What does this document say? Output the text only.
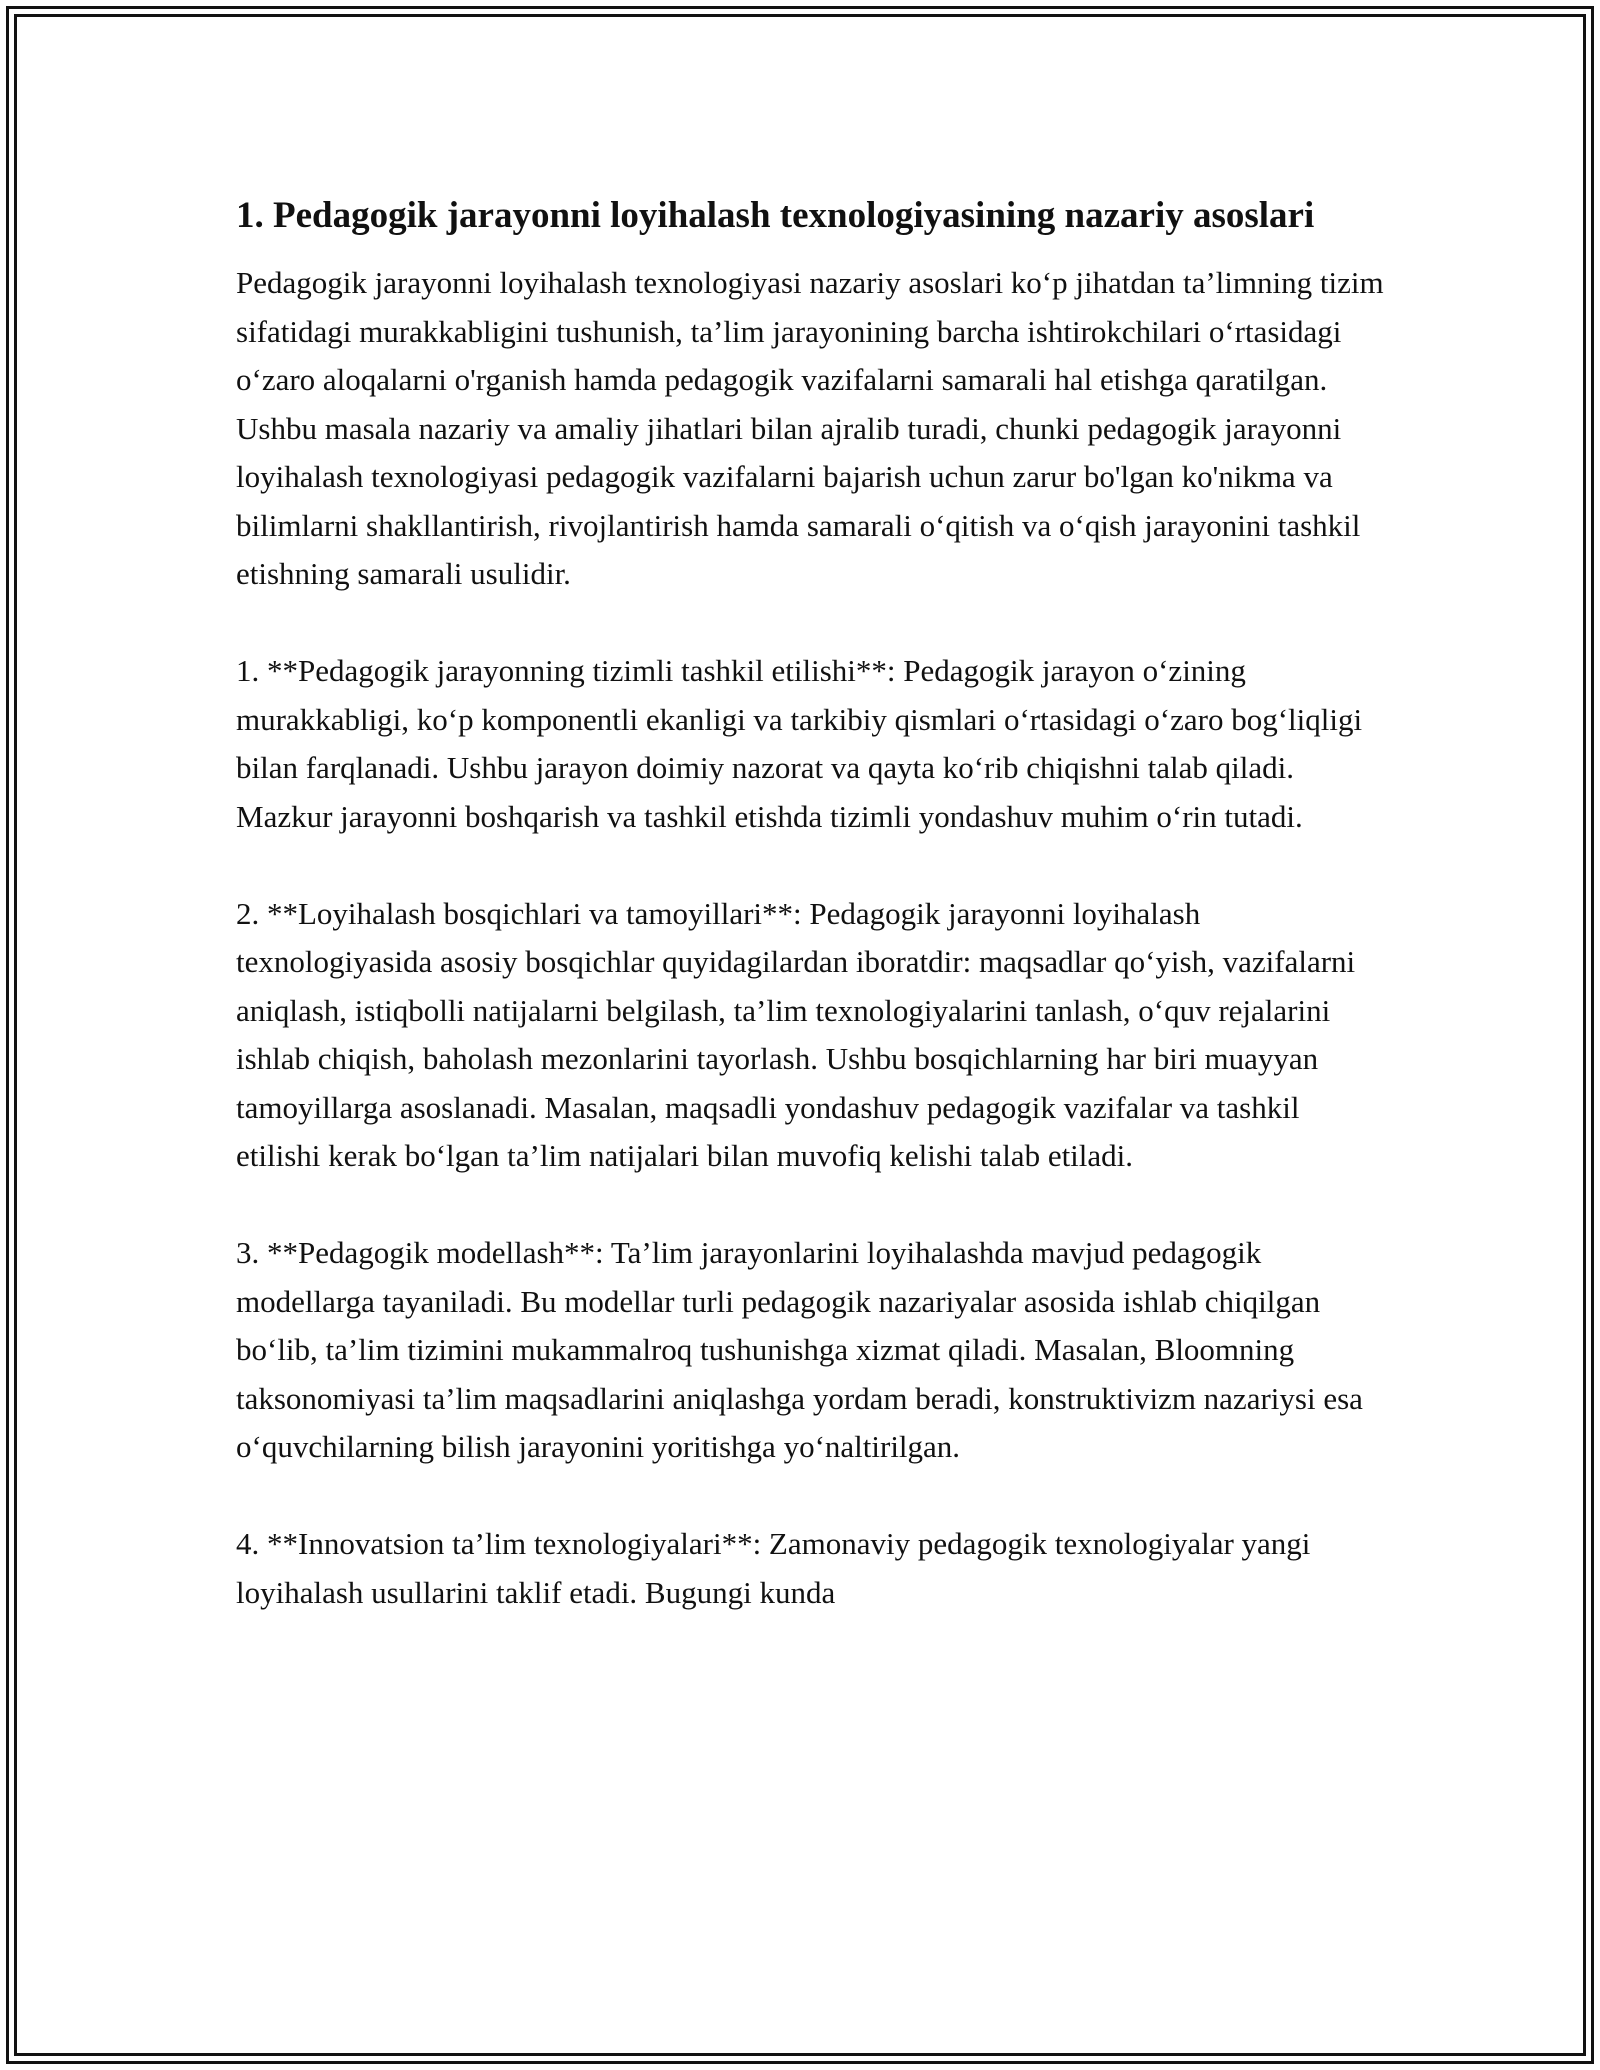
1. Pedagogik jarayonni loyihalash texnologiyasining nazariy asoslari

Pedagogik jarayonni loyihalash texnologiyasi nazariy asoslari ko‘p jihatdan ta’limning tizim sifatidagi murakkabligini tushunish, ta’lim jarayonining barcha ishtirokchilari o‘rtasidagi o‘zaro aloqalarni o'rganish hamda pedagogik vazifalarni samarali hal etishga qaratilgan. Ushbu masala nazariy va amaliy jihatlari bilan ajralib turadi, chunki pedagogik jarayonni loyihalash texnologiyasi pedagogik vazifalarni bajarish uchun zarur bo'lgan ko'nikma va bilimlarni shakllantirish, rivojlantirish hamda samarali o‘qitish va o‘qish jarayonini tashkil etishning samarali usulidir.

1. **Pedagogik jarayonning tizimli tashkil etilishi**: Pedagogik jarayon o‘zining murakkabligi, ko‘p komponentli ekanligi va tarkibiy qismlari o‘rtasidagi o‘zaro bog‘liqligi bilan farqlanadi. Ushbu jarayon doimiy nazorat va qayta ko‘rib chiqishni talab qiladi. Mazkur jarayonni boshqarish va tashkil etishda tizimli yondashuv muhim o‘rin tutadi.

2. **Loyihalash bosqichlari va tamoyillari**: Pedagogik jarayonni loyihalash texnologiyasida asosiy bosqichlar quyidagilardan iboratdir: maqsadlar qo‘yish, vazifalarni aniqlash, istiqbolli natijalarni belgilash, ta’lim texnologiyalarini tanlash, o‘quv rejalarini ishlab chiqish, baholash mezonlarini tayorlash. Ushbu bosqichlarning har biri muayyan tamoyillarga asoslanadi. Masalan, maqsadli yondashuv pedagogik vazifalar va tashkil etilishi kerak bo‘lgan ta’lim natijalari bilan muvofiq kelishi talab etiladi.

3. **Pedagogik modellash**: Ta’lim jarayonlarini loyihalashda mavjud pedagogik modellarga tayaniladi. Bu modellar turli pedagogik nazariyalar asosida ishlab chiqilgan bo‘lib, ta’lim tizimini mukammalroq tushunishga xizmat qiladi. Masalan, Bloomning taksonomiyasi ta’lim maqsadlarini aniqlashga yordam beradi, konstruktivizm nazariysi esa o‘quvchilarning bilish jarayonini yoritishga yo‘naltirilgan.

4. **Innovatsion ta’lim texnologiyalari**: Zamonaviy pedagogik texnologiyalar yangi loyihalash usullarini taklif etadi. Bugungi kunda
